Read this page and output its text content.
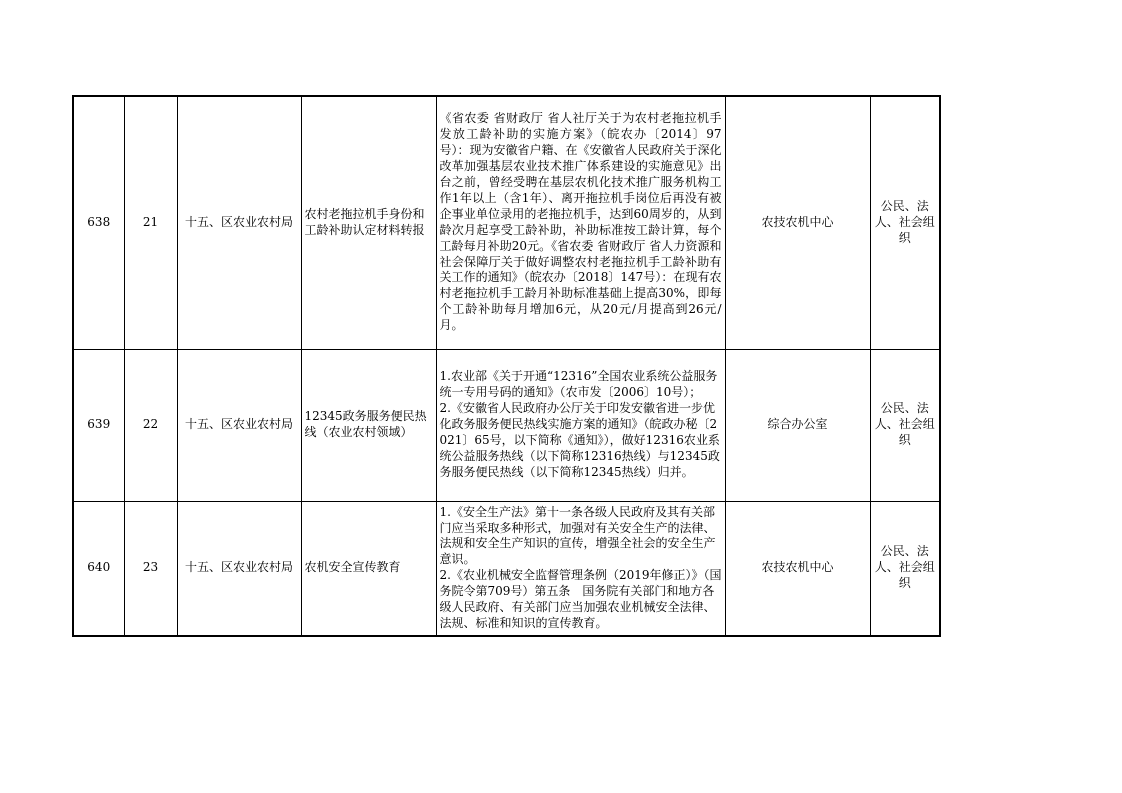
638	21	十五、区农业农村局	农村老拖拉机手身份和工龄补助认定材料转报	《省农委 省财政厅 省人社厅关于为农村老拖拉机手发放工龄补助的实施方案》（皖农办〔2014〕97号）：现为安徽省户籍、在《安徽省人民政府关于深化改革加强基层农业技术推广体系建设的实施意见》出台之前，曾经受聘在基层农机化技术推广服务机构工作1年以上（含1年）、离开拖拉机手岗位后再没有被企事业单位录用的老拖拉机手，达到60周岁的，从到龄次月起享受工龄补助，补助标准按工龄计算，每个工龄每月补助20元。《省农委 省财政厅 省人力资源和社会保障厅关于做好调整农村老拖拉机手工龄补助有关工作的通知》（皖农办〔2018〕147号）：在现有农村老拖拉机手工龄月补助标准基础上提高30%，即每个工龄补助每月增加6元，从20元/月提高到26元/月。	农技农机中心	公民、法人、社会组织
639	22	十五、区农业农村局	12345政务服务便民热线（农业农村领域）	1.农业部《关于开通“12316”全国农业系统公益服务统一专用号码的通知》（农市发〔2006〕10号）；
2.《安徽省人民政府办公厅关于印发安徽省进一步优化政务服务便民热线实施方案的通知》（皖政办秘〔2021〕65号，以下简称《通知》），做好12316农业系统公益服务热线（以下简称12316热线）与12345政务服务便民热线（以下简称12345热线）归并。	综合办公室	公民、法人、社会组织
640	23	十五、区农业农村局	农机安全宣传教育	1.《安全生产法》第十一条各级人民政府及其有关部门应当采取多种形式，加强对有关安全生产的法律、法规和安全生产知识的宣传，增强全社会的安全生产意识。
2.《农业机械安全监督管理条例（2019年修正）》（国务院令第709号）第五条　国务院有关部门和地方各级人民政府、有关部门应当加强农业机械安全法律、法规、标准和知识的宣传教育。	农技农机中心	公民、法人、社会组织
